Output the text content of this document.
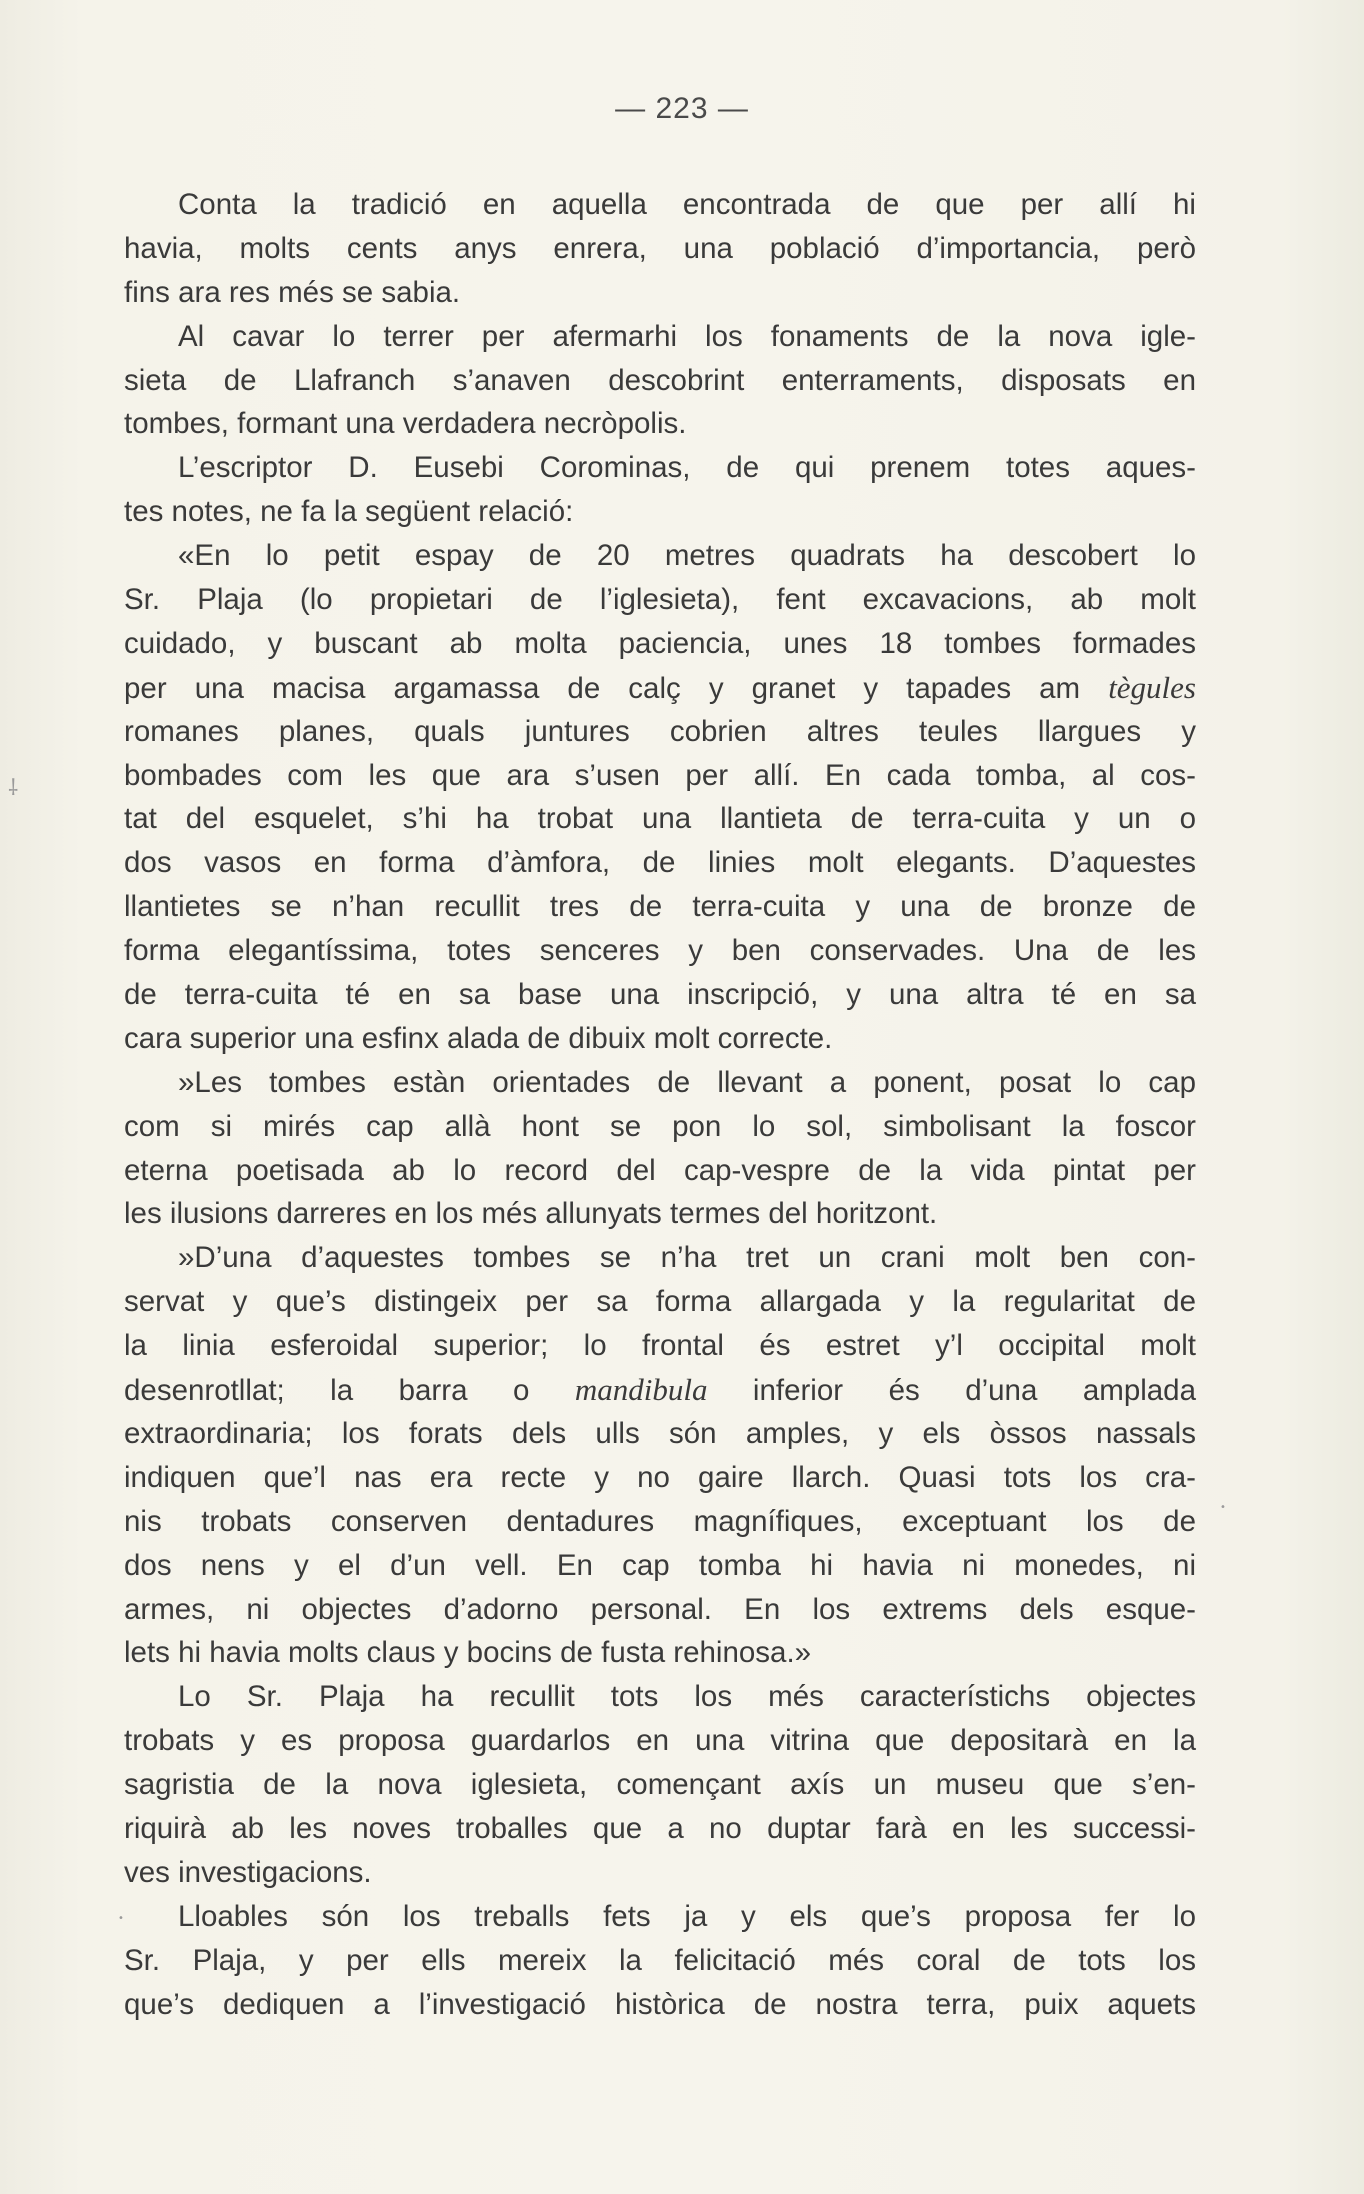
— 223 —
Conta la tradició en aquella encontrada de que per allí hi
havia, molts cents anys enrera, una població d’importancia, però
fins ara res més se sabia.
Al cavar lo terrer per afermarhi los fonaments de la nova igle-
sieta de Llafranch s’anaven descobrint enterraments, disposats en
tombes, formant una verdadera necròpolis.
L’escriptor D. Eusebi Corominas, de qui prenem totes aques-
tes notes, ne fa la següent relació:
«En lo petit espay de 20 metres quadrats ha descobert lo
Sr. Plaja (lo propietari de l’iglesieta), fent excavacions, ab molt
cuidado, y buscant ab molta paciencia, unes 18 tombes formades
per una macisa argamassa de calç y granet y tapades am tègules
romanes planes, quals juntures cobrien altres teules llargues y
bombades com les que ara s’usen per allí. En cada tomba, al cos-
tat del esquelet, s’hi ha trobat una llantieta de terra-cuita y un o
dos vasos en forma d’àmfora, de linies molt elegants. D’aquestes
llantietes se n’han recullit tres de terra-cuita y una de bronze de
forma elegantíssima, totes senceres y ben conservades. Una de les
de terra-cuita té en sa base una inscripció, y una altra té en sa
cara superior una esfinx alada de dibuix molt correcte.
»Les tombes estàn orientades de llevant a ponent, posat lo cap
com si mirés cap allà hont se pon lo sol, simbolisant la foscor
eterna poetisada ab lo record del cap-vespre de la vida pintat per
les ilusions darreres en los més allunyats termes del horitzont.
»D’una d’aquestes tombes se n’ha tret un crani molt ben con-
servat y que’s distingeix per sa forma allargada y la regularitat de
la linia esferoidal superior; lo frontal és estret y’l occipital molt
desenrotllat; la barra o mandibula inferior és d’una amplada
extraordinaria; los forats dels ulls són amples, y els òssos nassals
indiquen que’l nas era recte y no gaire llarch. Quasi tots los cra-
nis trobats conserven dentadures magnífiques, exceptuant los de
dos nens y el d’un vell. En cap tomba hi havia ni monedes, ni
armes, ni objectes d’adorno personal. En los extrems dels esque-
lets hi havia molts claus y bocins de fusta rehinosa.»
Lo Sr. Plaja ha recullit tots los més característichs objectes
trobats y es proposa guardarlos en una vitrina que depositarà en la
sagristia de la nova iglesieta, començant axís un museu que s’en-
riquirà ab les noves troballes que a no duptar farà en les successi-
ves investigacions.
Lloables són los treballs fets ja y els que’s proposa fer lo
Sr. Plaja, y per ells mereix la felicitació més coral de tots los
que’s dediquen a l’investigació històrica de nostra terra, puix aquets
⸸
•
•
